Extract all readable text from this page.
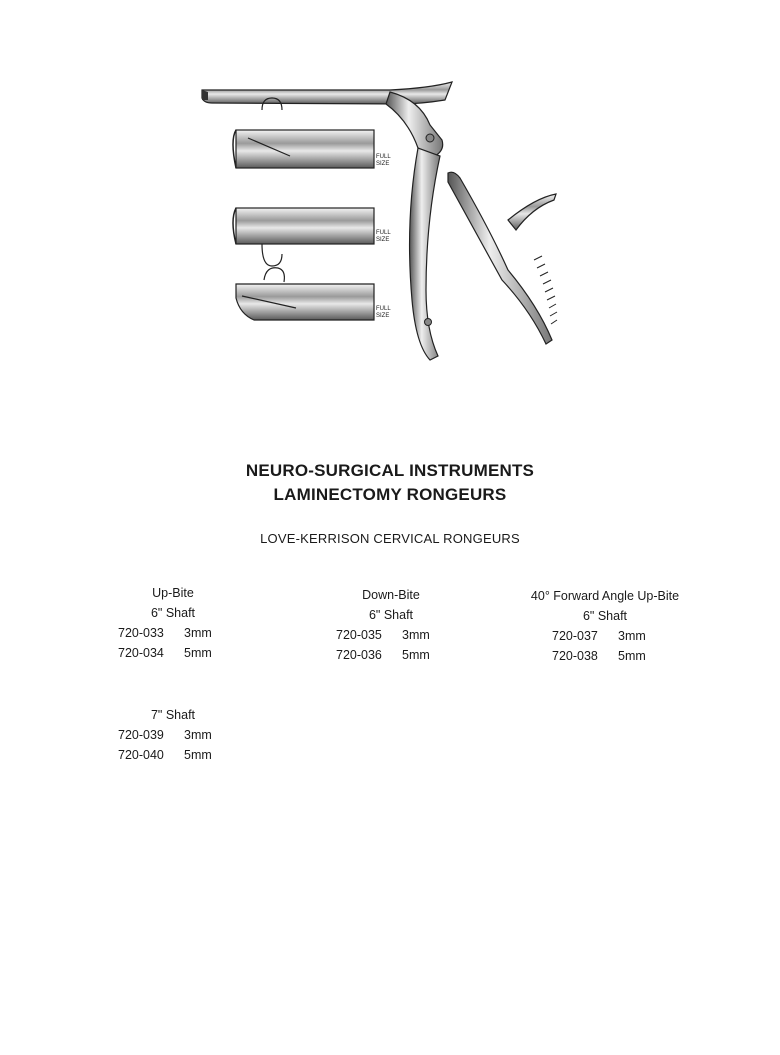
FULL
SIZE
FULL
SIZE
FULL
SIZE
NEURO-SURGICAL INSTRUMENTS
LAMINECTOMY RONGEURS
LOVE-KERRISON CERVICAL RONGEURS
Up-Bite
6" Shaft
720-033	3mm
720-034	5mm
Down-Bite
6" Shaft
720-035	3mm
720-036	5mm
40° Forward Angle Up-Bite
6" Shaft
720-037	3mm
720-038	5mm
7" Shaft
720-039	3mm
720-040	5mm
